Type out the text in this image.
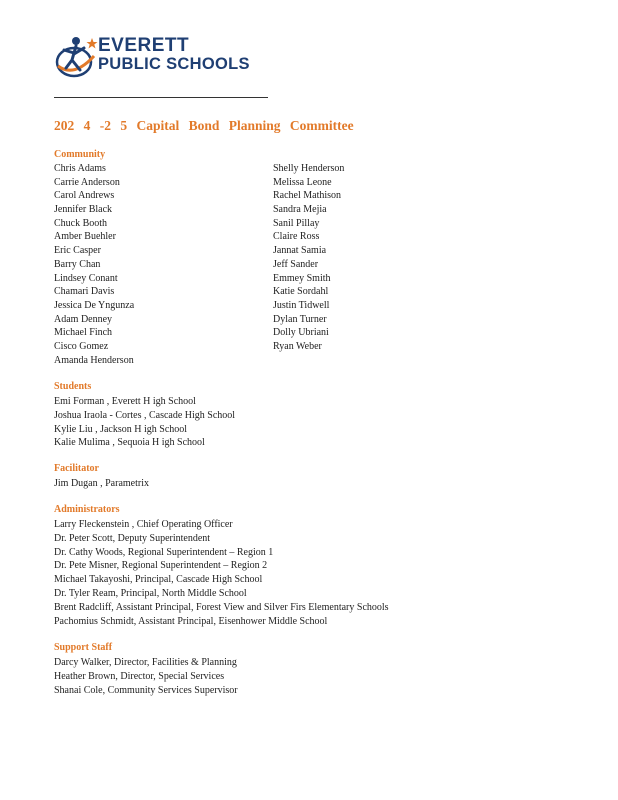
EVERETT
PUBLIC SCHOOLS
202 4 -2 5 Capital Bond Planning Committee
Community
Chris Adams
Carrie Anderson
Carol Andrews
Jennifer Black
Chuck Booth
Amber Buehler
Eric Casper
Barry Chan
Lindsey Conant
Chamari Davis
Jessica De Yngunza
Adam Denney
Michael Finch
Cisco Gomez
Amanda Henderson
Shelly Henderson
Melissa Leone
Rachel Mathison
Sandra Mejia
Sanil Pillay
Claire Ross
Jannat Samia
Jeff Sander
Emmey Smith
Katie Sordahl
Justin Tidwell
Dylan Turner
Dolly Ubriani
Ryan Weber
Students
Emi Forman , Everett H igh School
Joshua Iraola - Cortes , Cascade High School
Kylie Liu , Jackson H igh School
Kalie Mulima , Sequoia H igh School
Facilitator
Jim Dugan , Parametrix
Administrators
Larry Fleckenstein , Chief Operating Officer
Dr. Peter Scott, Deputy Superintendent
Dr. Cathy Woods, Regional Superintendent – Region 1
Dr. Pete Misner, Regional Superintendent – Region 2
Michael Takayoshi, Principal, Cascade High School
Dr. Tyler Ream, Principal, North Middle School
Brent Radcliff, Assistant Principal, Forest View and Silver Firs Elementary Schools
Pachomius Schmidt, Assistant Principal, Eisenhower Middle School
Support Staff
Darcy Walker, Director, Facilities & Planning
Heather Brown, Director, Special Services
Shanai Cole, Community Services Supervisor
